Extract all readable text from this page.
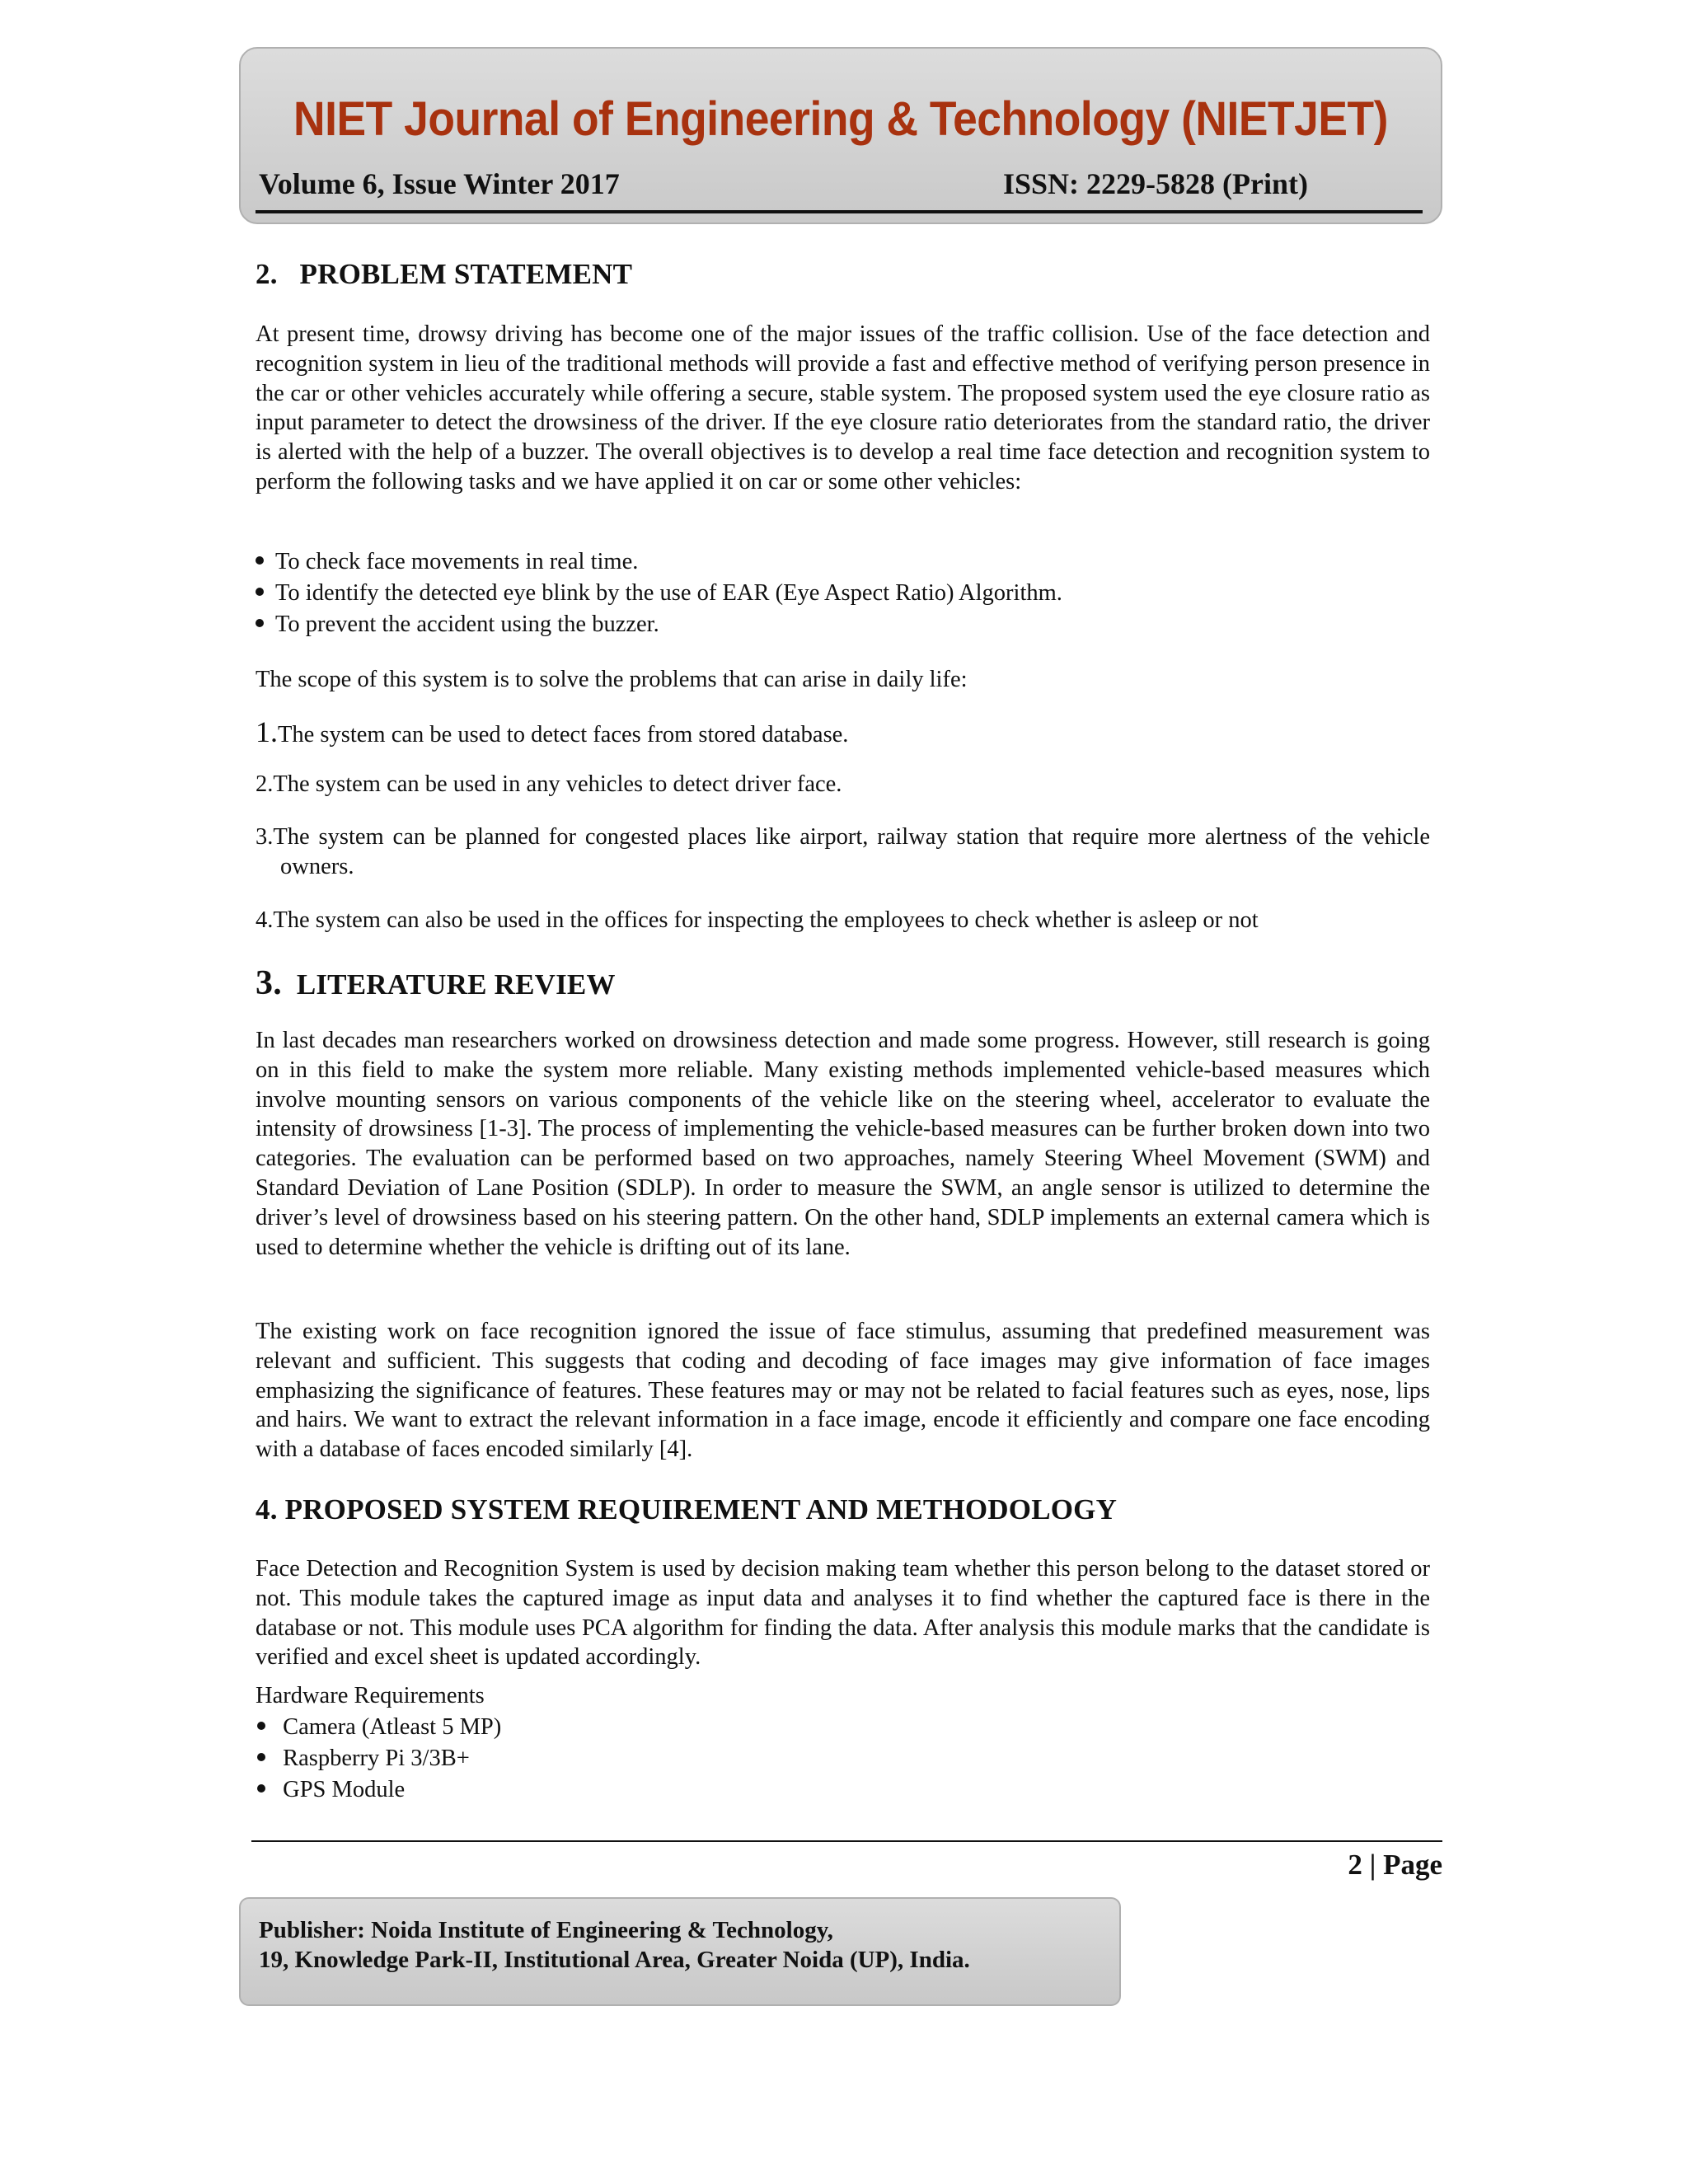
NIET Journal of Engineering & Technology (NIETJET)
Volume 6, Issue Winter 2017	ISSN: 2229-5828 (Print)
2. PROBLEM STATEMENT

At present time, drowsy driving has become one of the major issues of the traffic collision. Use of the face detection and recognition system in lieu of the traditional methods will provide a fast and effective method of verifying person presence in the car or other vehicles accurately while offering a secure, stable system. The proposed system used the eye closure ratio as input parameter to detect the drowsiness of the driver. If the eye closure ratio deteriorates from the standard ratio, the driver is alerted with the help of a buzzer. The overall objectives is to develop a real time face detection and recognition system to perform the following tasks and we have applied it on car or some other vehicles:

To check face movements in real time.
To identify the detected eye blink by the use of EAR (Eye Aspect Ratio) Algorithm.
To prevent the accident using the buzzer.
The scope of this system is to solve the problems that can arise in daily life:
1.The system can be used to detect faces from stored database.
2.The system can be used in any vehicles to detect driver face.
3.The system can be planned for congested places like airport, railway station that require more alertness of the vehicle owners.
4.The system can also be used in the offices for inspecting the employees to check whether is asleep or not
3. LITERATURE REVIEW

In last decades man researchers worked on drowsiness detection and made some progress. However, still research is going on in this field to make the system more reliable. Many existing methods implemented vehicle-based measures which involve mounting sensors on various components of the vehicle like on the steering wheel, accelerator to evaluate the intensity of drowsiness [1-3]. The process of implementing the vehicle-based measures can be further broken down into two categories. The evaluation can be performed based on two approaches, namely Steering Wheel Movement (SWM) and Standard Deviation of Lane Position (SDLP). In order to measure the SWM, an angle sensor is utilized to determine the driver’s level of drowsiness based on his steering pattern. On the other hand, SDLP implements an external camera which is used to determine whether the vehicle is drifting out of its lane.

The existing work on face recognition ignored the issue of face stimulus, assuming that predefined measurement was relevant and sufficient. This suggests that coding and decoding of face images may give information of face images emphasizing the significance of features. These features may or may not be related to facial features such as eyes, nose, lips and hairs. We want to extract the relevant information in a face image, encode it efficiently and compare one face encoding with a database of faces encoded similarly [4].

4. PROPOSED SYSTEM REQUIREMENT AND METHODOLOGY

Face Detection and Recognition System is used by decision making team whether this person belong to the dataset stored or not. This module takes the captured image as input data and analyses it to find whether the captured face is there in the database or not. This module uses PCA algorithm for finding the data. After analysis this module marks that the candidate is verified and excel sheet is updated accordingly.

Hardware Requirements
Camera (Atleast 5 MP)
Raspberry Pi 3/3B+
GPS Module
2 | Page
Publisher: Noida Institute of Engineering & Technology,
19, Knowledge Park-II, Institutional Area, Greater Noida (UP), India.
